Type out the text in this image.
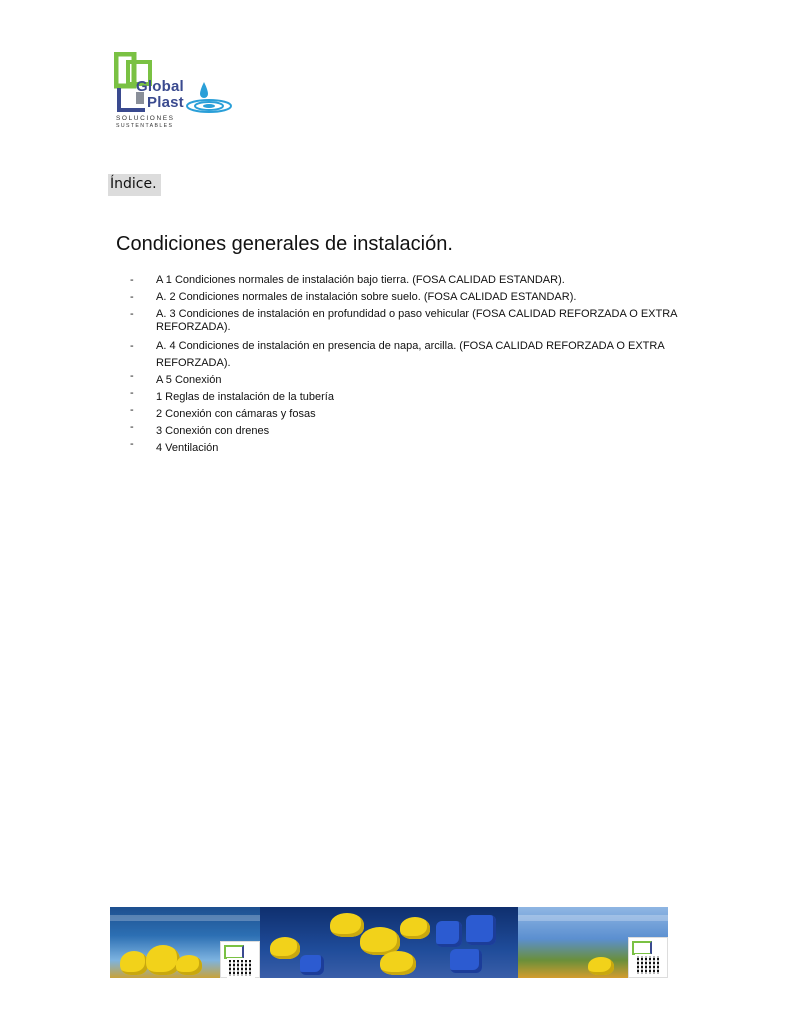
Global
Plast
SOLUCIONES
SUSTENTABLES
Índice.
Condiciones generales de instalación.
- A 1 Condiciones normales de instalación bajo tierra. (FOSA CALIDAD ESTANDAR).
- A. 2 Condiciones normales de instalación sobre suelo. (FOSA CALIDAD ESTANDAR).
- A. 3 Condiciones de instalación en profundidad o paso vehicular (FOSA CALIDAD REFORZADA O EXTRA REFORZADA).
- A. 4 Condiciones de instalación en presencia de napa, arcilla. (FOSA CALIDAD REFORZADA O EXTRA REFORZADA).
- A 5 Conexión
- 1 Reglas de instalación de la tubería
- 2 Conexión con cámaras y fosas
- 3 Conexión con drenes
- 4 Ventilación
